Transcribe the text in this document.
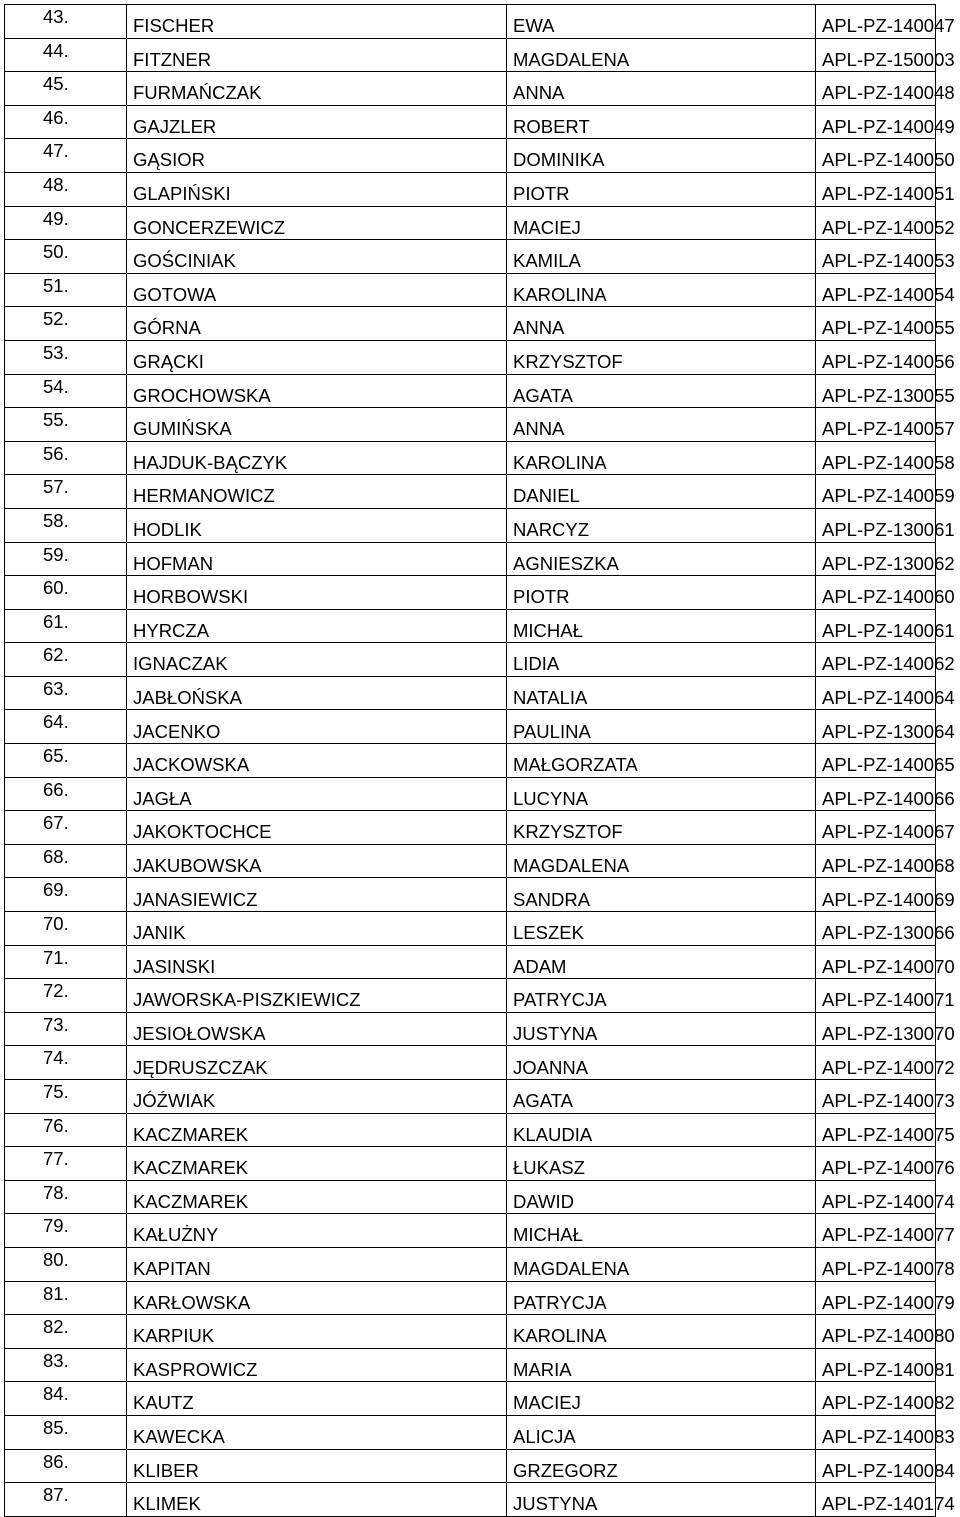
43.	FISCHER	EWA	APL-PZ-140047
44.	FITZNER	MAGDALENA	APL-PZ-150003
45.	FURMAŃCZAK	ANNA	APL-PZ-140048
46.	GAJZLER	ROBERT	APL-PZ-140049
47.	GĄSIOR	DOMINIKA	APL-PZ-140050
48.	GLAPIŃSKI	PIOTR	APL-PZ-140051
49.	GONCERZEWICZ	MACIEJ	APL-PZ-140052
50.	GOŚCINIAK	KAMILA	APL-PZ-140053
51.	GOTOWA	KAROLINA	APL-PZ-140054
52.	GÓRNA	ANNA	APL-PZ-140055
53.	GRĄCKI	KRZYSZTOF	APL-PZ-140056
54.	GROCHOWSKA	AGATA	APL-PZ-130055
55.	GUMIŃSKA	ANNA	APL-PZ-140057
56.	HAJDUK-BĄCZYK	KAROLINA	APL-PZ-140058
57.	HERMANOWICZ	DANIEL	APL-PZ-140059
58.	HODLIK	NARCYZ	APL-PZ-130061
59.	HOFMAN	AGNIESZKA	APL-PZ-130062
60.	HORBOWSKI	PIOTR	APL-PZ-140060
61.	HYRCZA	MICHAŁ	APL-PZ-140061
62.	IGNACZAK	LIDIA	APL-PZ-140062
63.	JABŁOŃSKA	NATALIA	APL-PZ-140064
64.	JACENKO	PAULINA	APL-PZ-130064
65.	JACKOWSKA	MAŁGORZATA	APL-PZ-140065
66.	JAGŁA	LUCYNA	APL-PZ-140066
67.	JAKOKTOCHCE	KRZYSZTOF	APL-PZ-140067
68.	JAKUBOWSKA	MAGDALENA	APL-PZ-140068
69.	JANASIEWICZ	SANDRA	APL-PZ-140069
70.	JANIK	LESZEK	APL-PZ-130066
71.	JASINSKI	ADAM	APL-PZ-140070
72.	JAWORSKA-PISZKIEWICZ	PATRYCJA	APL-PZ-140071
73.	JESIOŁOWSKA	JUSTYNA	APL-PZ-130070
74.	JĘDRUSZCZAK	JOANNA	APL-PZ-140072
75.	JÓŹWIAK	AGATA	APL-PZ-140073
76.	KACZMAREK	KLAUDIA	APL-PZ-140075
77.	KACZMAREK	ŁUKASZ	APL-PZ-140076
78.	KACZMAREK	DAWID	APL-PZ-140074
79.	KAŁUŻNY	MICHAŁ	APL-PZ-140077
80.	KAPITAN	MAGDALENA	APL-PZ-140078
81.	KARŁOWSKA	PATRYCJA	APL-PZ-140079
82.	KARPIUK	KAROLINA	APL-PZ-140080
83.	KASPROWICZ	MARIA	APL-PZ-140081
84.	KAUTZ	MACIEJ	APL-PZ-140082
85.	KAWECKA	ALICJA	APL-PZ-140083
86.	KLIBER	GRZEGORZ	APL-PZ-140084
87.	KLIMEK	JUSTYNA	APL-PZ-140174
